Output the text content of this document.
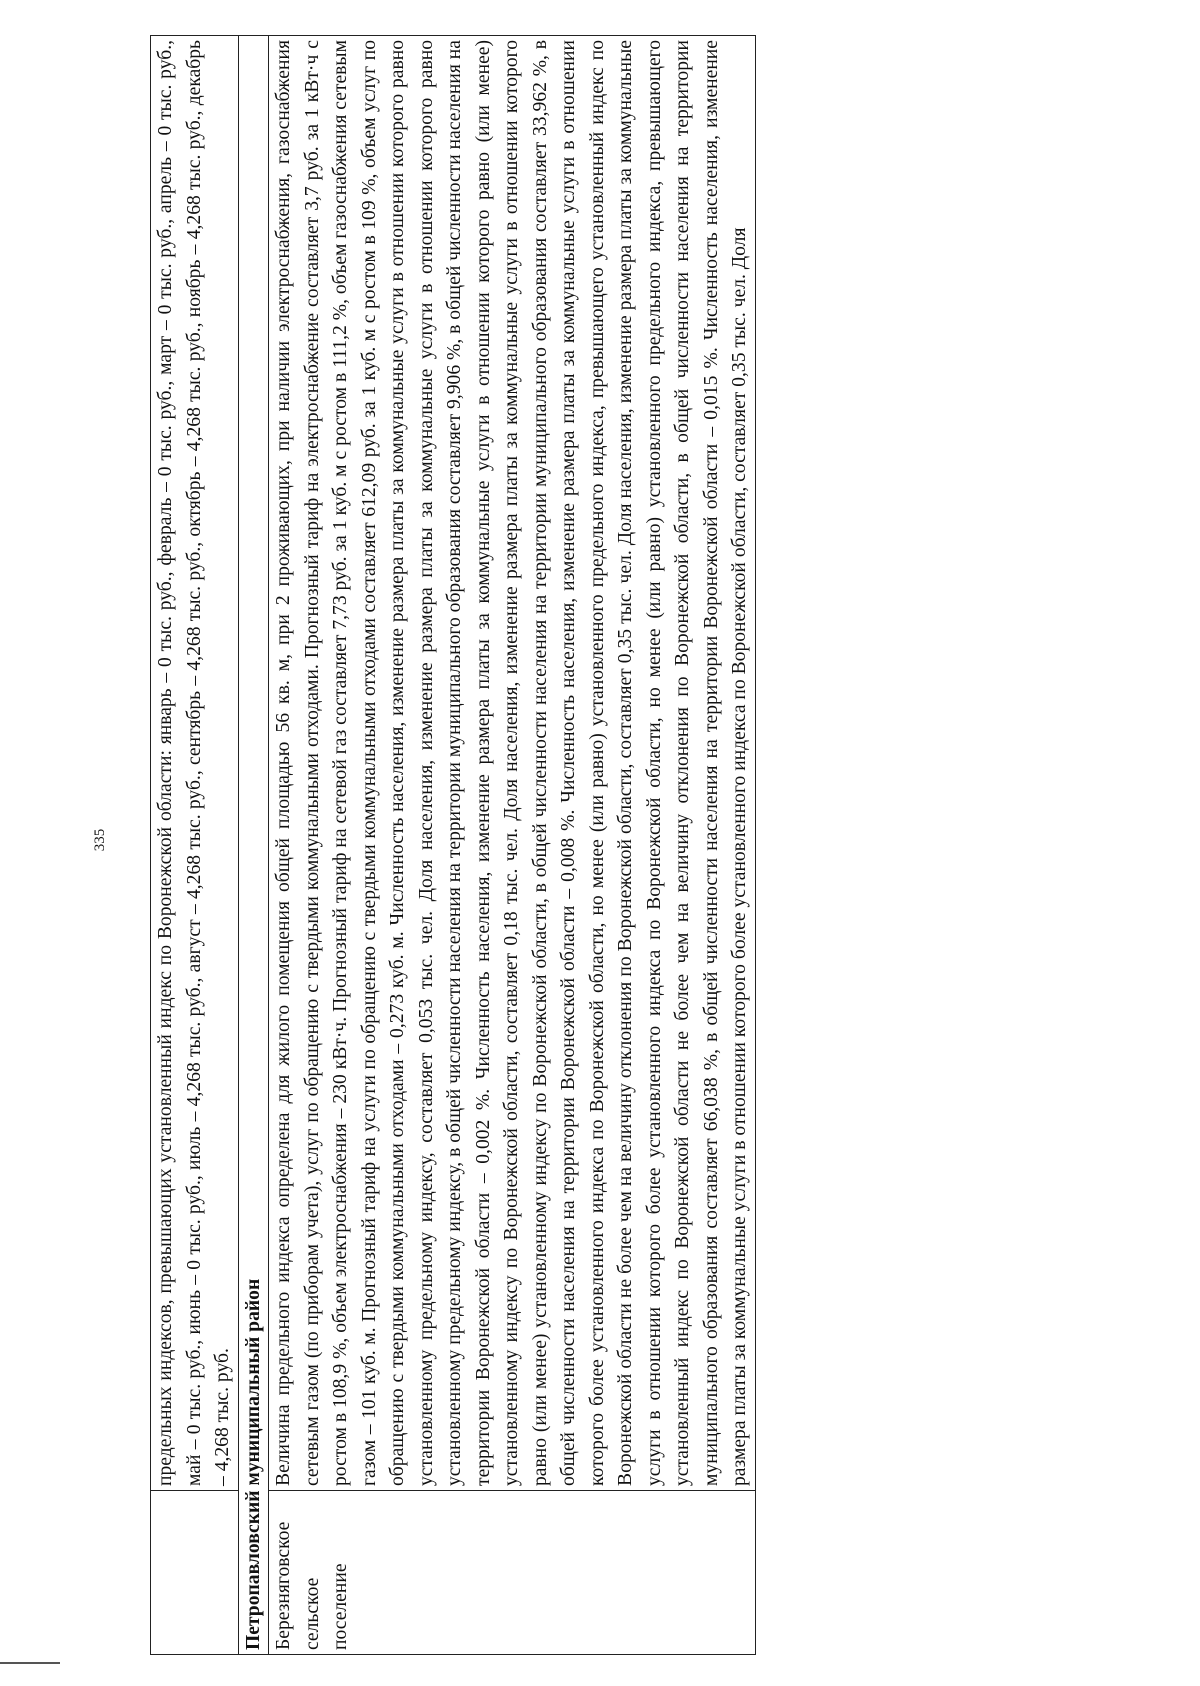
335
	предельных индексов, превышающих установленный индекс по Воронежской области: январь – 0 тыс. руб., февраль – 0 тыс. руб., март – 0 тыс. руб., апрель – 0 тыс. руб., май – 0 тыс. руб., июнь – 0 тыс. руб., июль – 4,268 тыс. руб., август – 4,268 тыс. руб., сентябрь – 4,268 тыс. руб., октябрь – 4,268 тыс. руб., ноябрь – 4,268 тыс. руб., декабрь – 4,268 тыс. руб.
Петропавловский муниципальный район	
Березняговское сельское поселение	Величина предельного индекса определена для жилого помещения общей площадью 56 кв. м, при 2 проживающих, при наличии электроснабжения, газоснабжения сетевым газом (по приборам учета), услуг по обращению с твердыми коммунальными отходами. Прогнозный тариф на электроснабжение составляет 3,7 руб. за 1 кВт·ч с ростом в 108,9 %, объем электроснабжения – 230 кВт·ч. Прогнозный тариф на сетевой газ составляет 7,73 руб. за 1 куб. м с ростом в 111,2 %, объем газоснабжения сетевым газом – 101 куб. м. Прогнозный тариф на услуги по обращению с твердыми коммунальными отходами составляет 612,09 руб. за 1 куб. м с ростом в 109 %, объем услуг по обращению с твердыми коммунальными отходами – 0,273 куб. м. Численность населения, изменение размера платы за коммунальные услуги в отношении которого равно установленному предельному индексу, составляет 0,053 тыс. чел. Доля населения, изменение размера платы за коммунальные услуги в отношении которого равно установленному предельному индексу, в общей численности населения на территории муниципального образования составляет 9,906 %, в общей численности населения на территории Воронежской области – 0,002 %. Численность населения, изменение размера платы за коммунальные услуги в отношении которого равно (или менее) установленному индексу по Воронежской области, составляет 0,18 тыс. чел. Доля населения, изменение размера платы за коммунальные услуги в отношении которого равно (или менее) установленному индексу по Воронежской области, в общей численности населения на территории муниципального образования составляет 33,962 %, в общей численности населения на территории Воронежской области – 0,008 %. Численность населения, изменение размера платы за коммунальные услуги в отношении которого более установленного индекса по Воронежской области, но менее (или равно) установленного предельного индекса, превышающего установленный индекс по Воронежской области не более чем на величину отклонения по Воронежской области, составляет 0,35 тыс. чел. Доля населения, изменение размера платы за коммунальные услуги в отношении которого более установленного индекса по Воронежской области, но менее (или равно) установленного предельного индекса, превышающего установленный индекс по Воронежской области не более чем на величину отклонения по Воронежской области, в общей численности населения на территории муниципального образования составляет 66,038 %, в общей численности населения на территории Воронежской области – 0,015 %. Численность населения, изменение размера платы за коммунальные услуги в отношении которого более установленного индекса по Воронежской области, составляет 0,35 тыс. чел. Доля
